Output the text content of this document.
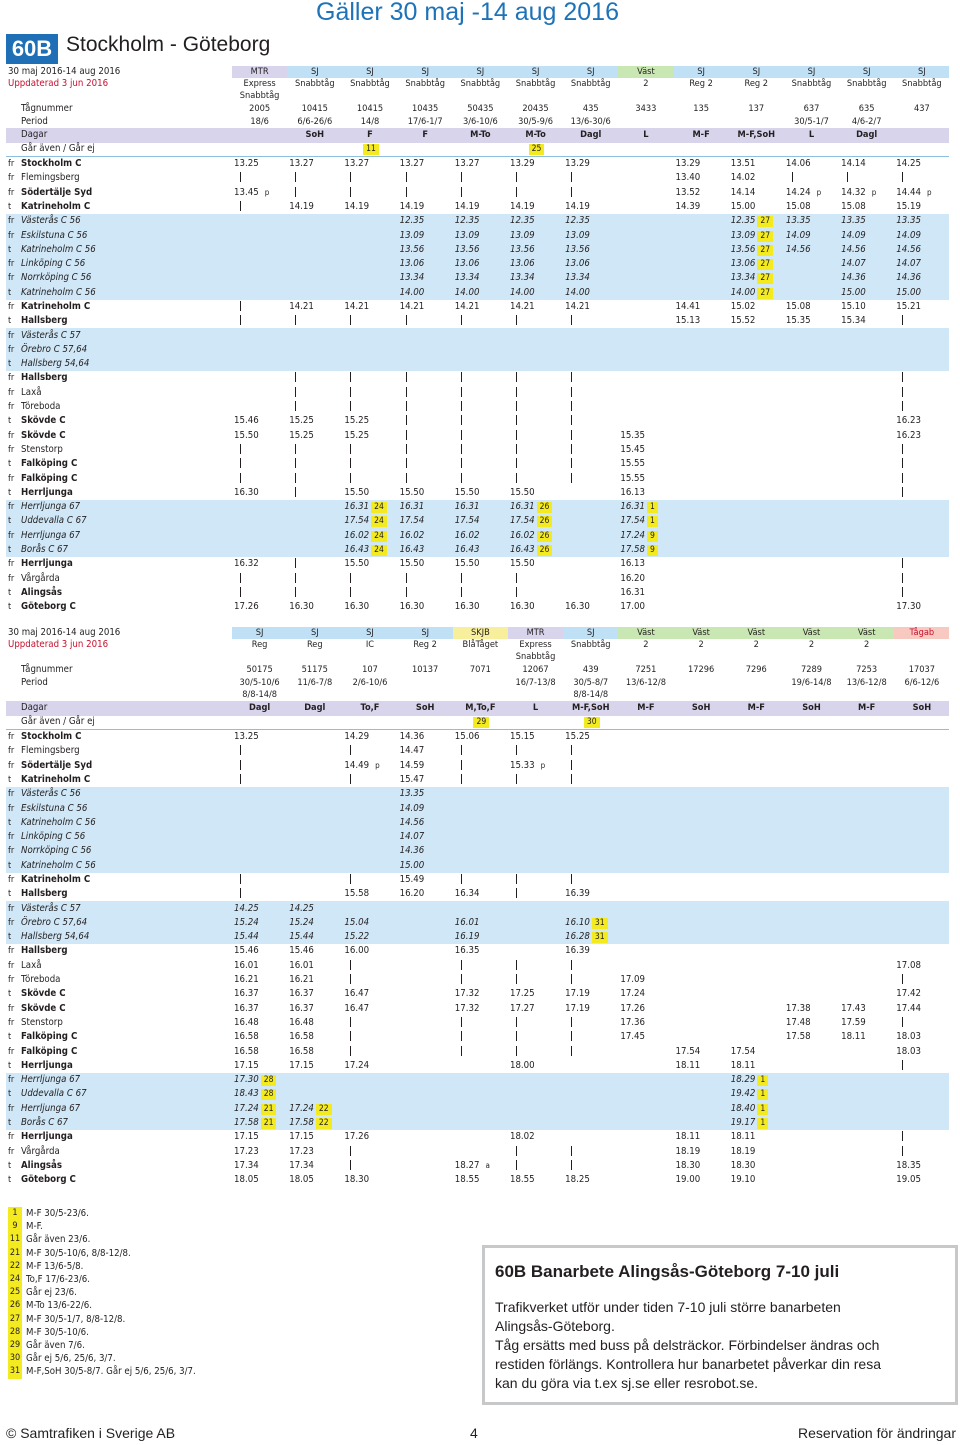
60B Stockholm - Göteborg
Gäller 30 maj -14 aug 2016
30 maj 2016-14 aug 2016		MTR	SJ	SJ	SJ	SJ	SJ	SJ	Väst	SJ	SJ	SJ	SJ	SJ
Uppdaterad 3 jun 2016		Express	Snabbtåg	Snabbtåg	Snabbtåg	Snabbtåg	Snabbtåg	Snabbtåg	2	Reg 2	Reg 2	Snabbtåg	Snabbtåg	Snabbtåg
		Snabbtåg												
	Tågnummer	2005	10415	10415	10435	50435	20435	435	3433	135	137	637	635	437
	Period	18/6	6/6-26/6	14/8	17/6-1/7	3/6-10/6	30/5-9/6	13/6-30/6				30/5-1/7	4/6-2/7	
	Dagar		SoH	F	F	M-To	M-To	Dagl	L	M-F	M-F,SoH	L	Dagl	
	Går även / Går ej			11			25							
fr	Stockholm C	13.25	13.27	13.27	13.27	13.27	13.29	13.29		13.29	13.51	14.06	14.14	14.25
fr	Flemingsberg									13.40	14.02			
fr	Södertälje Syd	13.45 p								13.52	14.14	14.24 p	14.32 p	14.44 p
t	Katrineholm C		14.19	14.19	14.19	14.19	14.19	14.19		14.39	15.00	15.08	15.08	15.19
fr	Västerås C 56				12.35	12.35	12.35	12.35			12.35 27	13.35	13.35	13.35
fr	Eskilstuna C 56				13.09	13.09	13.09	13.09			13.09 27	14.09	14.09	14.09
t	Katrineholm C 56				13.56	13.56	13.56	13.56			13.56 27	14.56	14.56	14.56
fr	Linköping C 56				13.06	13.06	13.06	13.06			13.06 27		14.07	14.07
fr	Norrköping C 56				13.34	13.34	13.34	13.34			13.34 27		14.36	14.36
t	Katrineholm C 56				14.00	14.00	14.00	14.00			14.00 27		15.00	15.00
fr	Katrineholm C		14.21	14.21	14.21	14.21	14.21	14.21		14.41	15.02	15.08	15.10	15.21
t	Hallsberg									15.13	15.52	15.35	15.34	
fr	Västerås C 57													
fr	Örebro C 57,64													
t	Hallsberg 54,64													
fr	Hallsberg													
fr	Laxå													
fr	Töreboda													
t	Skövde C	15.46	15.25	15.25										16.23
fr	Skövde C	15.50	15.25	15.25					15.35					16.23
fr	Stenstorp								15.45					
t	Falköping C								15.55					
fr	Falköping C								15.55					
t	Herrljunga	16.30		15.50	15.50	15.50	15.50		16.13					
fr	Herrljunga 67			16.31 24	16.31	16.31	16.31 26		16.31 1					
t	Uddevalla C 67			17.54 24	17.54	17.54	17.54 26		17.54 1					
fr	Herrljunga 67			16.02 24	16.02	16.02	16.02 26		17.24 9					
t	Borås C 67			16.43 24	16.43	16.43	16.43 26		17.58 9					
fr	Herrljunga	16.32		15.50	15.50	15.50	15.50		16.13					
fr	Vårgårda								16.20					
t	Alingsås								16.31					
t	Göteborg C	17.26	16.30	16.30	16.30	16.30	16.30	16.30	17.00					17.30
30 maj 2016-14 aug 2016		SJ	SJ	SJ	SJ	SKJB	MTR	SJ	Väst	Väst	Väst	Väst	Väst	Tågab
Uppdaterad 3 jun 2016		Reg	Reg	IC	Reg 2	BlåTåget	Express	Snabbtåg	2	2	2	2	2	
							Snabbtåg							
	Tågnummer	50175	51175	107	10137	7071	12067	439	7251	17296	7296	7289	7253	17037
	Period	30/5-10/6	11/6-7/8	2/6-10/6			16/7-13/8	30/5-8/7	13/6-12/8			19/6-14/8	13/6-12/8	6/6-12/6
		8/8-14/8						8/8-14/8						
	Dagar	Dagl	Dagl	To,F	SoH	M,To,F	L	M-F,SoH	M-F	SoH	M-F	SoH	M-F	SoH
	Går även / Går ej					29		30						
fr	Stockholm C	13.25		14.29	14.36	15.06	15.15	15.25						
fr	Flemingsberg				14.47									
fr	Södertälje Syd			14.49 p	14.59		15.33 p							
t	Katrineholm C				15.47									
fr	Västerås C 56				13.35									
fr	Eskilstuna C 56				14.09									
t	Katrineholm C 56				14.56									
fr	Linköping C 56				14.07									
fr	Norrköping C 56				14.36									
t	Katrineholm C 56				15.00									
fr	Katrineholm C				15.49									
t	Hallsberg			15.58	16.20	16.34		16.39						
fr	Västerås C 57	14.25	14.25											
fr	Örebro C 57,64	15.24	15.24	15.04		16.01		16.10 31						
t	Hallsberg 54,64	15.44	15.44	15.22		16.19		16.28 31						
fr	Hallsberg	15.46	15.46	16.00		16.35		16.39						
fr	Laxå	16.01	16.01											17.08
fr	Töreboda	16.21	16.21						17.09					
t	Skövde C	16.37	16.37	16.47		17.32	17.25	17.19	17.24					17.42
fr	Skövde C	16.37	16.37	16.47		17.32	17.27	17.19	17.26			17.38	17.43	17.44
fr	Stenstorp	16.48	16.48						17.36			17.48	17.59	
t	Falköping C	16.58	16.58						17.45			17.58	18.11	18.03
fr	Falköping C	16.58	16.58							17.54	17.54			18.03
t	Herrljunga	17.15	17.15	17.24			18.00			18.11	18.11			
fr	Herrljunga 67	17.30 28									18.29 1			
t	Uddevalla C 67	18.43 28									19.42 1			
fr	Herrljunga 67	17.24 21	17.24 22								18.40 1			
t	Borås C 67	17.58 21	17.58 22								19.17 1			
fr	Herrljunga	17.15	17.15	17.26			18.02			18.11	18.11			
fr	Vårgårda	17.23	17.23							18.19	18.19			
t	Alingsås	17.34	17.34			18.27 a				18.30	18.30			18.35
t	Göteborg C	18.05	18.05	18.30		18.55	18.55	18.25		19.00	19.10			19.05
1 M-F 30/5-23/6.
9 M-F.
11 Går även 23/6.
21 M-F 30/5-10/6, 8/8-12/8.
22 M-F 13/6-5/8.
24 To,F 17/6-23/6.
25 Går ej 23/6.
26 M-To 13/6-22/6.
27 M-F 30/5-1/7, 8/8-12/8.
28 M-F 30/5-10/6.
29 Går även 7/6.
30 Går ej 5/6, 25/6, 3/7.
31 M-F,SoH 30/5-8/7. Går ej 5/6, 25/6, 3/7.
60B Banarbete Alingsås-Göteborg 7-10 juli

Trafikverket utför under tiden 7-10 juli större banarbeten

Alingsås-Göteborg.

Tåg ersätts med buss på delsträckor. Förbindelser ändras och

restiden förlängs. Kontrollera hur banarbetet påverkar din resa

kan du göra via t.ex sj.se eller resrobot.se.

© Samtrafiken i Sverige AB	4	Reservation för ändringar
